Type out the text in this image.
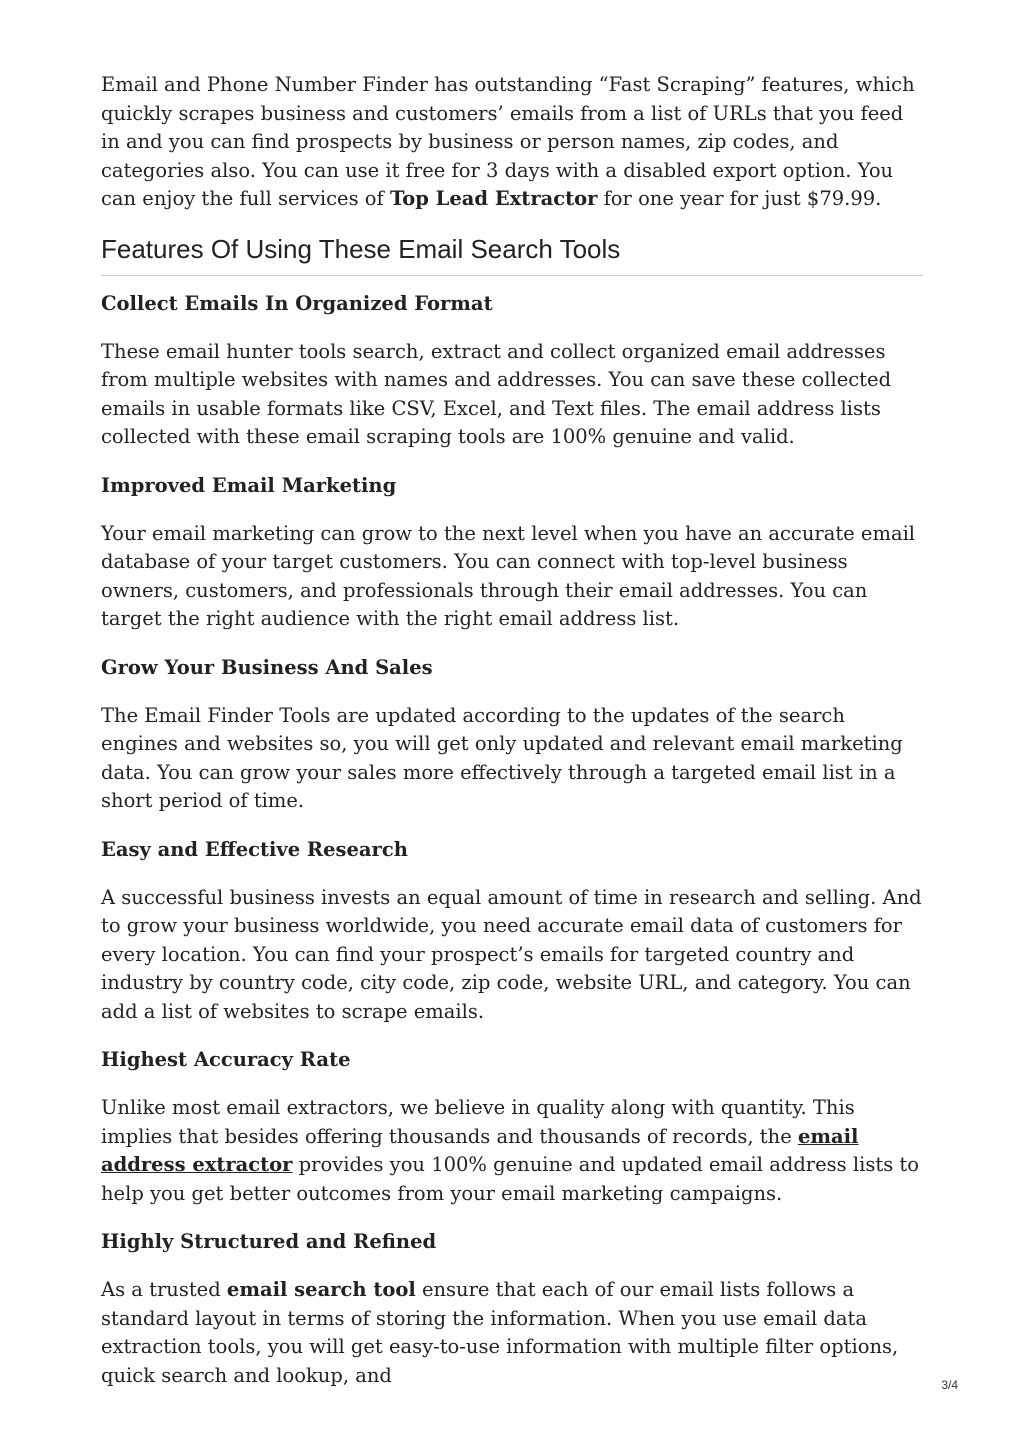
Email and Phone Number Finder has outstanding “Fast Scraping” features, which quickly scrapes business and customers’ emails from a list of URLs that you feed in and you can find prospects by business or person names, zip codes, and categories also. You can use it free for 3 days with a disabled export option. You can enjoy the full services of Top Lead Extractor for one year for just $79.99.

Features Of Using These Email Search Tools
Collect Emails In Organized Format

These email hunter tools search, extract and collect organized email addresses from multiple websites with names and addresses. You can save these collected emails in usable formats like CSV, Excel, and Text files. The email address lists collected with these email scraping tools are 100% genuine and valid.

Improved Email Marketing

Your email marketing can grow to the next level when you have an accurate email database of your target customers. You can connect with top-level business owners, customers, and professionals through their email addresses. You can target the right audience with the right email address list.

Grow Your Business And Sales

The Email Finder Tools are updated according to the updates of the search engines and websites so, you will get only updated and relevant email marketing data. You can grow your sales more effectively through a targeted email list in a short period of time.

Easy and Effective Research

A successful business invests an equal amount of time in research and selling. And to grow your business worldwide, you need accurate email data of customers for every location. You can find your prospect’s emails for targeted country and industry by country code, city code, zip code, website URL, and category. You can add a list of websites to scrape emails.

Highest Accuracy Rate

Unlike most email extractors, we believe in quality along with quantity. This implies that besides offering thousands and thousands of records, the email address extractor provides you 100% genuine and updated email address lists to help you get better outcomes from your email marketing campaigns.

Highly Structured and Refined

As a trusted email search tool ensure that each of our email lists follows a standard layout in terms of storing the information. When you use email data extraction tools, you will get easy-to-use information with multiple filter options, quick search and lookup, and	3/4
